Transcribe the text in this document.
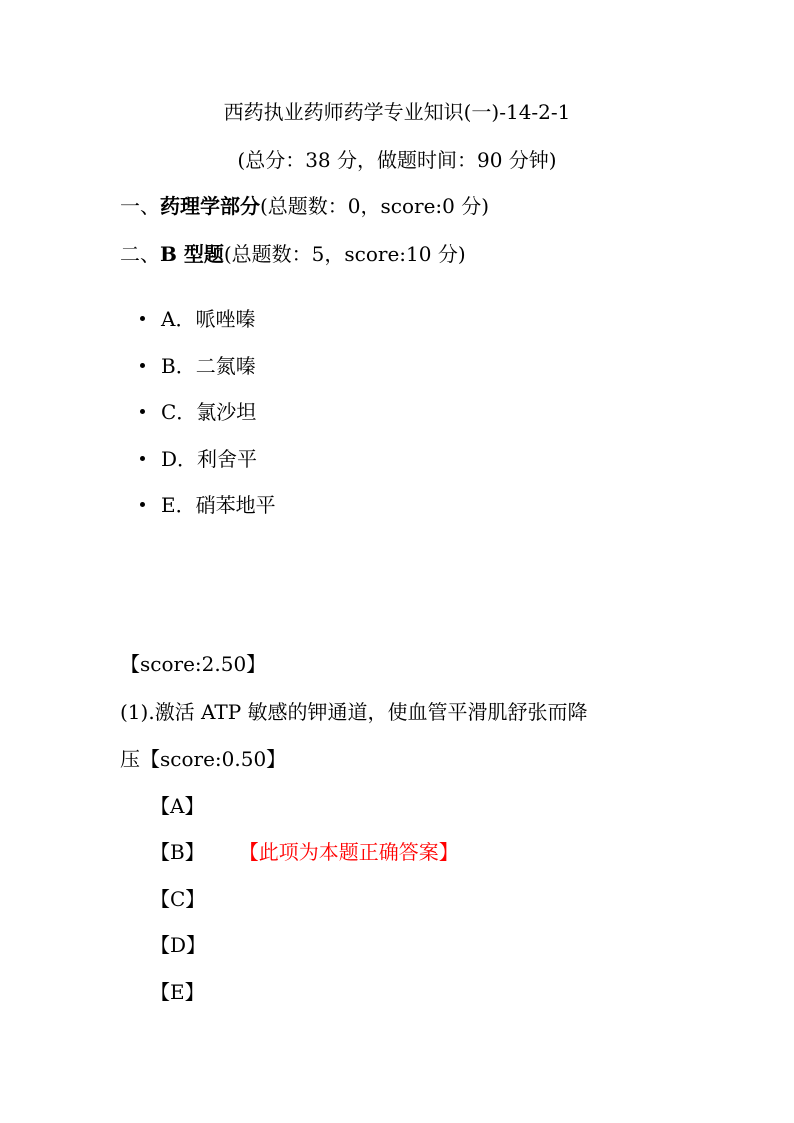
西药执业药师药学专业知识(一)-14-2-1
(总分：38 分，做题时间：90 分钟)
一、药理学部分(总题数：0，score:0 分)
二、B 型题(总题数：5，score:10 分)
A．哌唑嗪
B．二氮嗪
C．氯沙坦
D．利舍平
E．硝苯地平
【score:2.50】
(1).激活 ATP 敏感的钾通道，使血管平滑肌舒张而降
压【score:0.50】
【A】
【B】 【此项为本题正确答案】
【C】
【D】
【E】
